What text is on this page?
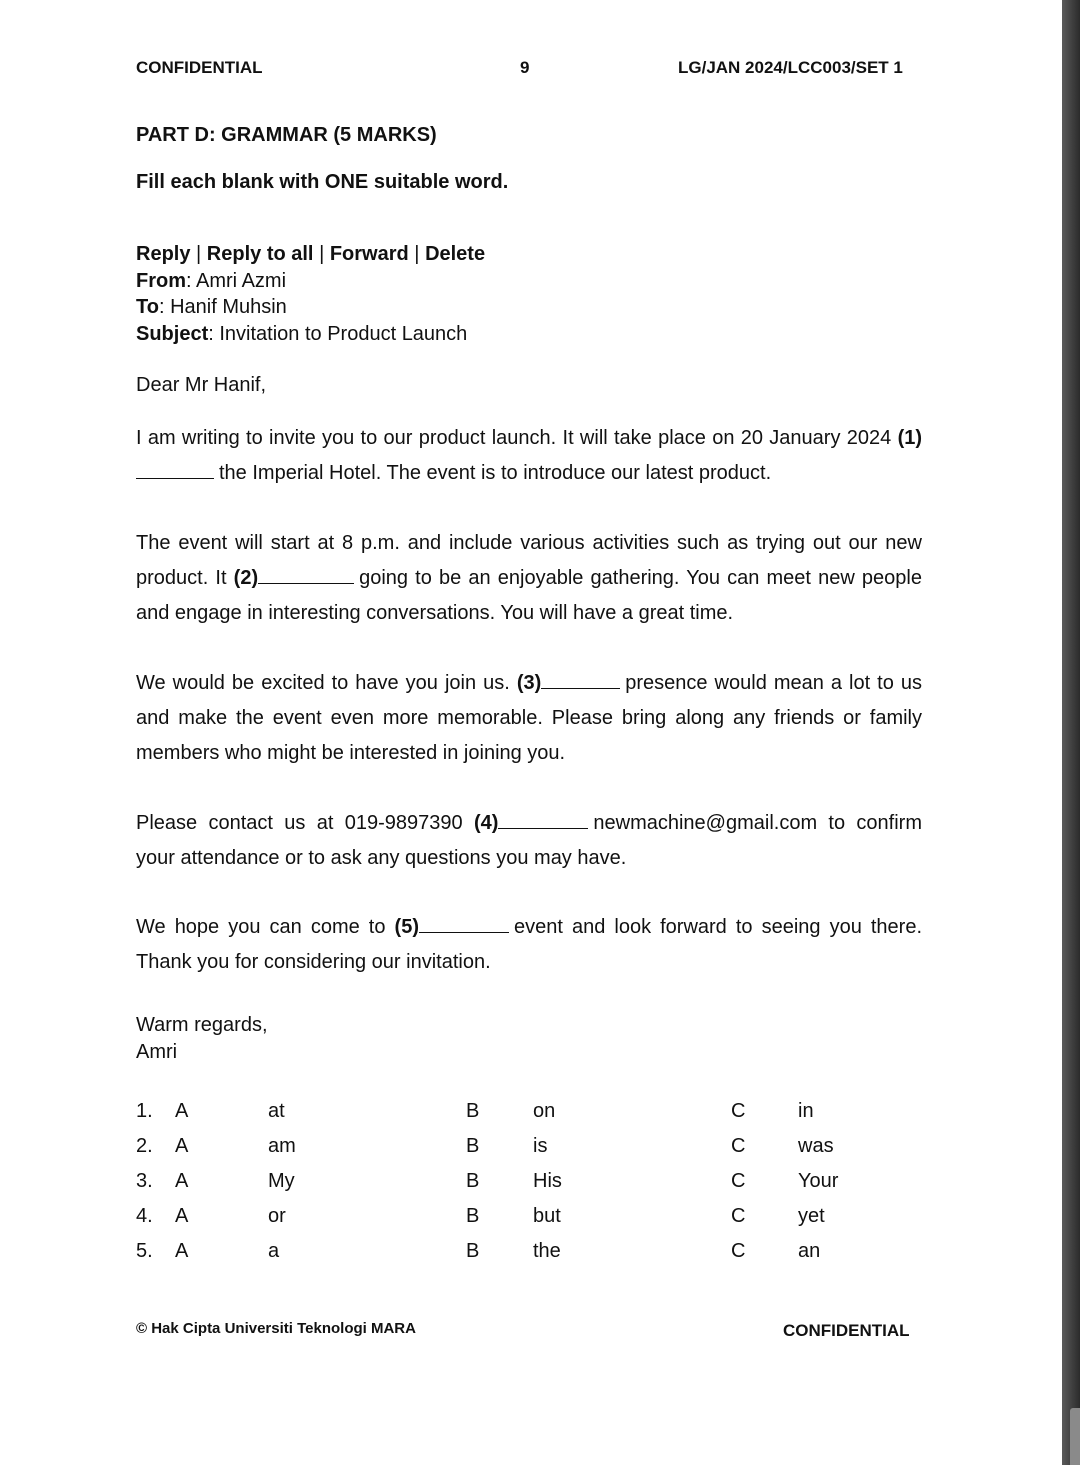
CONFIDENTIAL	9	LG/JAN 2024/LCC003/SET 1
PART D: GRAMMAR (5 MARKS)
Fill each blank with ONE suitable word.
Reply | Reply to all | Forward | Delete
From: Amri Azmi
To: Hanif Muhsin
Subject: Invitation to Product Launch
Dear Mr Hanif,
I am writing to invite you to our product launch. It will take place on 20 January 2024 (1)the Imperial Hotel. The event is to introduce our latest product.
The event will start at 8 p.m. and include various activities such as trying out our new product. It (2)	going to be an enjoyable gathering. You can meet new people and engage in interesting conversations. You will have a great time.
We would be excited to have you join us. (3)	presence would mean a lot to us and make the event even more memorable. Please bring along any friends or family members who might be interested in joining you.
Please contact us at 019-9897390 (4)	newmachine@gmail.com to confirm your attendance or to ask any questions you may have.
We hope you can come to (5)	event and look forward to seeing you there. Thank you for considering our invitation.
Warm regards,
Amri
1. A	at	B	on	C	in
2. A	am	B	is	C	was
3. A	My	B	His	C	Your
4. A	or	B	but	C	yet
5. A	a	B	the	C	an
© Hak Cipta Universiti Teknologi MARA	CONFIDENTIAL
